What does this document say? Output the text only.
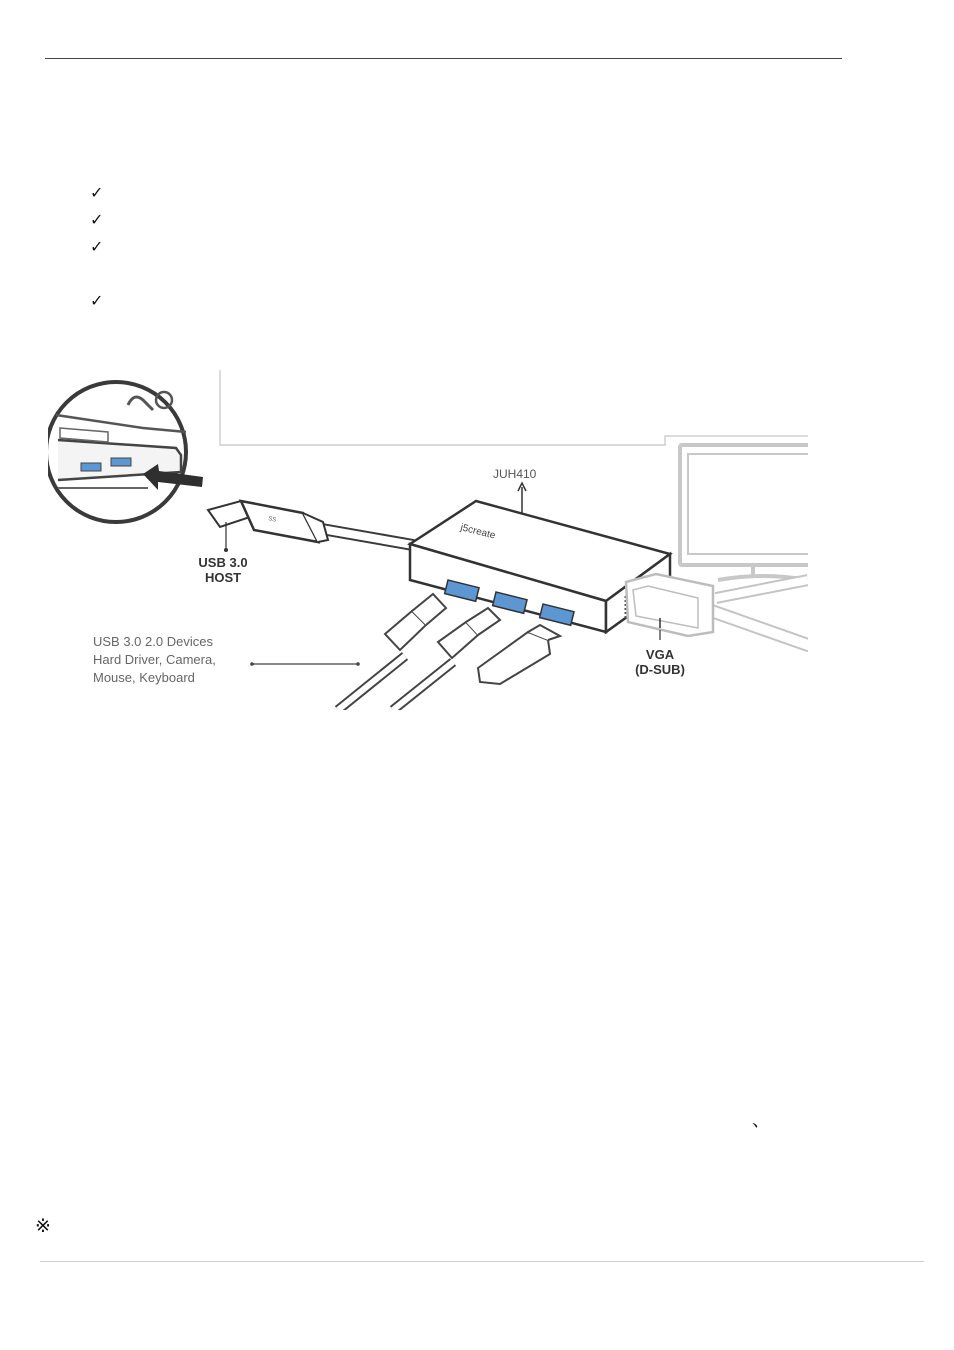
✓
✓
✓
✓
SS
j5create
JUH410
USB 3.0
HOST
USB 3.0 2.0 Devices
Hard Driver, Camera,
Mouse, Keyboard
VGA
(D-SUB)
、
※
